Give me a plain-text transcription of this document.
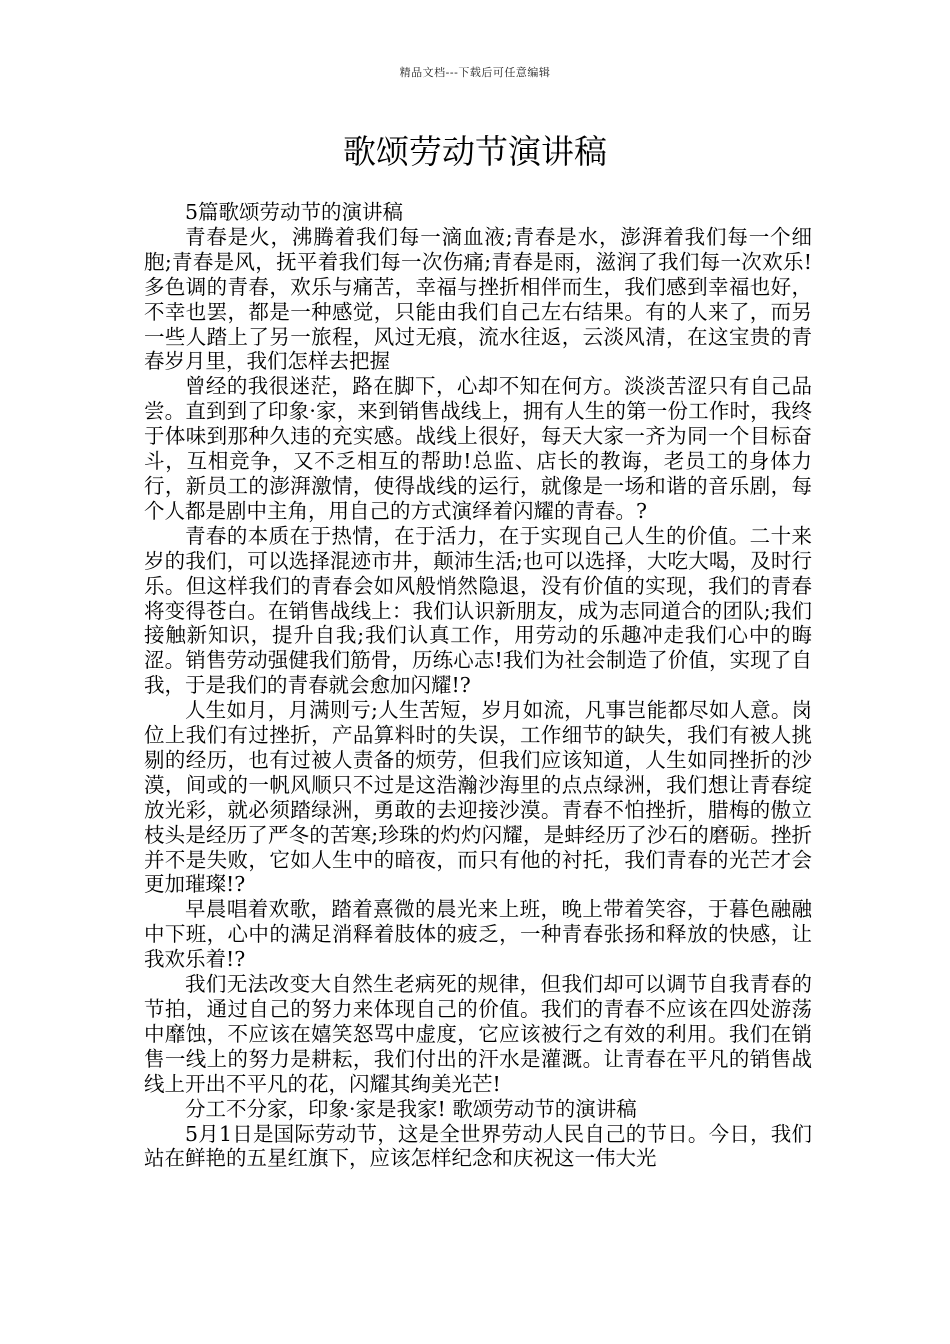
精品文档---下载后可任意编辑
歌颂劳动节演讲稿

5篇歌颂劳动节的演讲稿

青春是火，沸腾着我们每一滴血液;青春是水，澎湃着我们每一个细胞;青春是风，抚平着我们每一次伤痛;青春是雨，滋润了我们每一次欢乐!多色调的青春，欢乐与痛苦，幸福与挫折相伴而生，我们感到幸福也好，不幸也罢，都是一种感觉，只能由我们自己左右结果。有的人来了，而另一些人踏上了另一旅程，风过无痕，流水往返，云淡风清，在这宝贵的青春岁月里，我们怎样去把握

曾经的我很迷茫，路在脚下，心却不知在何方。淡淡苦涩只有自己品尝。直到到了印象·家，来到销售战线上，拥有人生的第一份工作时，我终于体味到那种久违的充实感。战线上很好，每天大家一齐为同一个目标奋斗，互相竞争，又不乏相互的帮助!总监、店长的教诲，老员工的身体力行，新员工的澎湃激情，使得战线的运行，就像是一场和谐的音乐剧，每个人都是剧中主角，用自己的方式演绎着闪耀的青春。?

青春的本质在于热情，在于活力，在于实现自己人生的价值。二十来岁的我们，可以选择混迹市井，颠沛生活;也可以选择，大吃大喝，及时行乐。但这样我们的青春会如风般悄然隐退，没有价值的实现，我们的青春将变得苍白。在销售战线上：我们认识新朋友，成为志同道合的团队;我们接触新知识，提升自我;我们认真工作，用劳动的乐趣冲走我们心中的晦涩。销售劳动强健我们筋骨，历练心志!我们为社会制造了价值，实现了自我，于是我们的青春就会愈加闪耀!?

人生如月，月满则亏;人生苦短，岁月如流，凡事岂能都尽如人意。岗位上我们有过挫折，产品算料时的失误，工作细节的缺失，我们有被人挑剔的经历，也有过被人责备的烦劳，但我们应该知道，人生如同挫折的沙漠，间或的一帆风顺只不过是这浩瀚沙海里的点点绿洲，我们想让青春绽放光彩，就必须踏绿洲，勇敢的去迎接沙漠。青春不怕挫折，腊梅的傲立枝头是经历了严冬的苦寒;珍珠的灼灼闪耀，是蚌经历了沙石的磨砺。挫折并不是失败，它如人生中的暗夜，而只有他的衬托，我们青春的光芒才会更加璀璨!?

早晨唱着欢歌，踏着熹微的晨光来上班，晚上带着笑容，于暮色融融中下班，心中的满足消释着肢体的疲乏，一种青春张扬和释放的快感，让我欢乐着!?

我们无法改变大自然生老病死的规律，但我们却可以调节自我青春的节拍，通过自己的努力来体现自己的价值。我们的青春不应该在四处游荡中靡蚀，不应该在嬉笑怒骂中虚度，它应该被行之有效的利用。我们在销售一线上的努力是耕耘，我们付出的汗水是灌溉。让青春在平凡的销售战线上开出不平凡的花，闪耀其绚美光芒!

分工不分家，印象·家是我家! 歌颂劳动节的演讲稿

5月1日是国际劳动节，这是全世界劳动人民自己的节日。今日，我们站在鲜艳的五星红旗下，应该怎样纪念和庆祝这一伟大光
